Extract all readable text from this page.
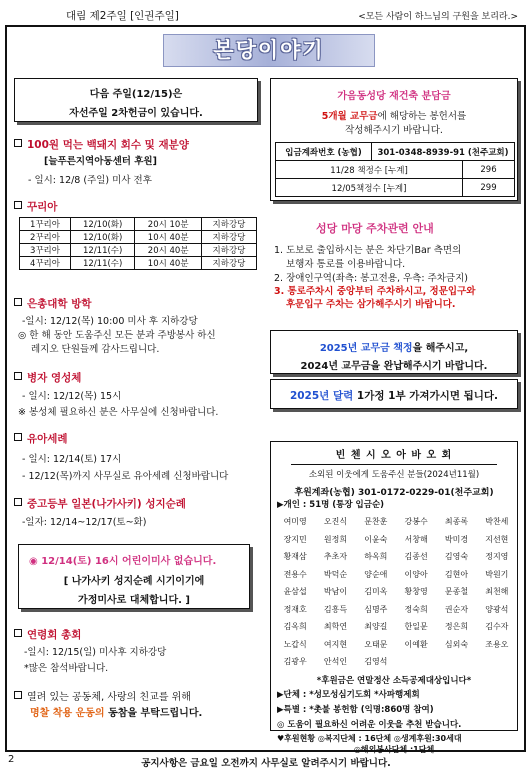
대림 제2주일 [인권주일]	<모든 사람이 하느님의 구원을 보리라.>
본당이야기
다음 주일(12/15)은
자선주일 2차헌금이 있습니다.
100원 먹는 백돼지 회수 및 재분양
[늘푸른지역아동센터 후원]
- 일시: 12/8 (주일) 미사 전후
꾸리아
1꾸리아	12/10(화)	20시 10분	지하강당
2꾸리아	12/10(화)	10시 40분	지하강당
3꾸리아	12/11(수)	20시 40분	지하강당
4꾸리아	12/11(수)	10시 40분	지하강당
은총대학 방학
-일시: 12/12(목) 10:00 미사 후 지하강당
◎ 한 해 동안 도움주신 모든 분과 주방봉사 하신
레지오 단원들께 감사드립니다.
병자 영성체
- 일시: 12/12(목) 15시
※ 봉성체 필요하신 분은 사무실에 신청바랍니다.
유아세례
- 일시: 12/14(토) 17시
- 12/12(목)까지 사무실로 유아세례 신청바랍니다
중고등부 일본(나가사키) 성지순례
-일자: 12/14~12/17(토~화)
◉ 12/14(토) 16시 어린이미사 없습니다.
[ 나가사키 성지순례 시기이기에
가정미사로 대체합니다. ]
연령회 총회
-일시: 12/15(일) 미사후 지하강당
*많은 참석바랍니다.
열려 있는 공동체, 사랑의 친교를 위해
명찰 착용 운동의 동참을 부탁드립니다.
가음동성당 재건축 분담금
5개월 교무금에 해당하는 봉헌서를
작성해주시기 바랍니다.
입금계좌번호 (농협)	301-0348-8939-91 (천주교회)	
11/28 책정수 [누계]		296
12/05책정수 [누계]		299
성당 마당 주차관련 안내
1. 도보로 출입하시는 분은 차단기Bar 측면의
보행자 통로를 이용바랍니다.
2. 장애인구역(좌측: 봉고전용, 우측: 주차금지)
3. 통로주차시 중앙부터 주차하시고, 정문입구와
후문입구 주차는 삼가해주시기 바랍니다.
2025년 교무금 책정을 해주시고,
2024년 교무금을 완납해주시기 바랍니다.
2025년 달력 1가정 1부 가져가시면 됩니다.
빈 첸 시 오 아 바 오 회
소외된 이웃에게 도움주신 분들(2024년11월)
후원계좌(농협) 301-0172-0229-01(천주교회)
▶개인 : 51명 (통장 입금순)
여미영	오진식	문찬훈	강봉수	최종록	박찬세
장지민	원정희	이윤숙	서창해	박미경	지선현
황재삼	추초자	하옥희	김종선	김영숙	정지영
전용수	박덕순	양순애	이양아	김현아	박원기
윤삼섭	박남이	김미옥	황창영	문종철	최천해
정재호	김흥득	심명주	정숙희	권순자	양광석
김옥희	최학연	최양길	한일문	정은희	김수자
노갑식	여지현	오태문	이예환	심외숙	조용오
김광우	안석인	김영석			
*후원금은 연말정산 소득공제대상입니다*
▶단체 : *성모성심기도회 *사파행제회
▶특별 : *촛불 봉헌함 (익명:860명 참여)
◎ 도움이 필요하신 어려운 이웃을 추천 받습니다.
♥후원현황 ◎복지단체 : 16단체 ◎생계후원:30세대
◎해외봉사단체 :1단체
2	공지사항은 금요일 오전까지 사무실로 알려주시기 바랍니다.
